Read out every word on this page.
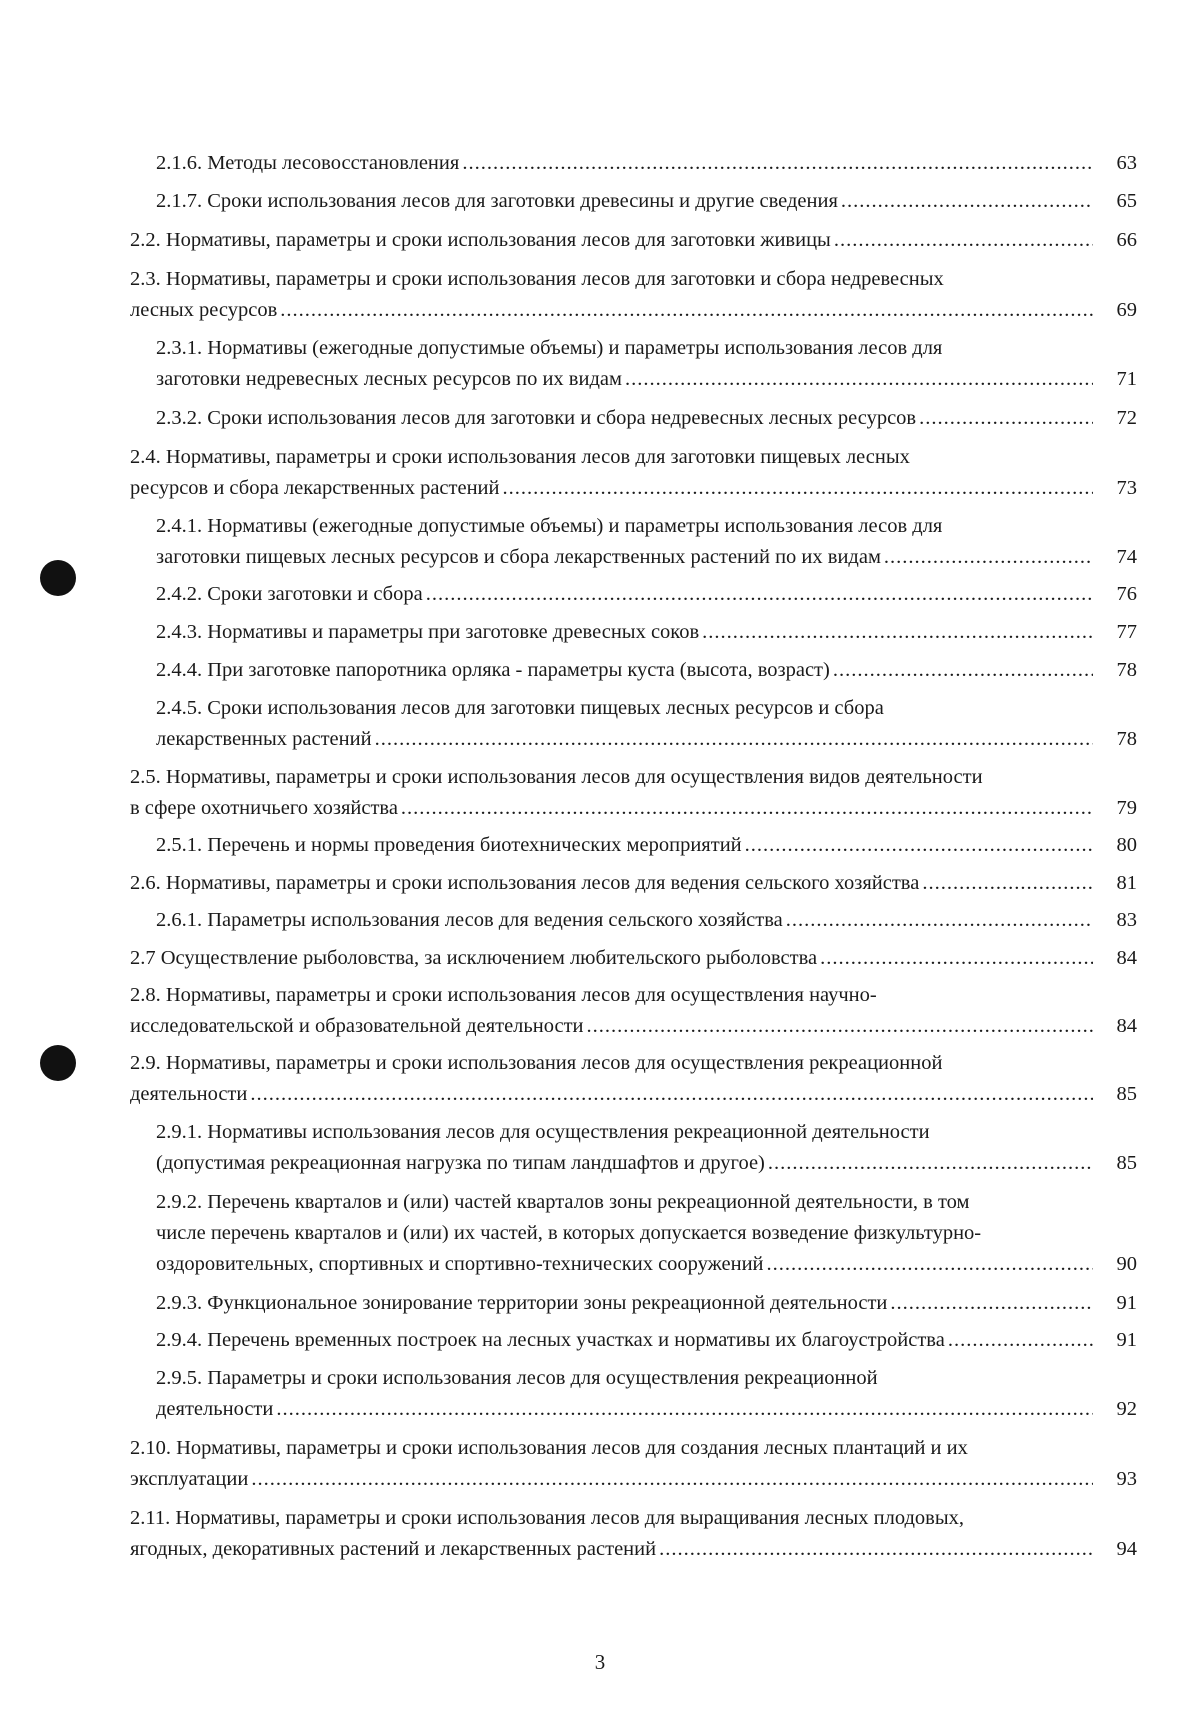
2.1.6. Методы лесовосстановления .....	63
2.1.7. Сроки использования лесов для заготовки древесины и другие сведения .....	65
2.2. Нормативы, параметры и сроки использования лесов для заготовки живицы .....	66
2.3. Нормативы, параметры и сроки использования лесов для заготовки и сбора недревесных
лесных ресурсов .....	69
2.3.1. Нормативы (ежегодные допустимые объемы) и параметры использования лесов для
заготовки недревесных лесных ресурсов по их видам .....	71
2.3.2. Сроки использования лесов для заготовки и сбора недревесных лесных ресурсов .....	72
2.4. Нормативы, параметры и сроки использования лесов для заготовки пищевых лесных
ресурсов и сбора лекарственных растений .....	73
2.4.1. Нормативы (ежегодные допустимые объемы) и параметры использования лесов для
заготовки пищевых лесных ресурсов и сбора лекарственных растений по их видам .....	74
2.4.2. Сроки заготовки и сбора .....	76
2.4.3. Нормативы и параметры при заготовке древесных соков .....	77
2.4.4. При заготовке папоротника орляка - параметры куста (высота, возраст) .....	78
2.4.5. Сроки использования лесов для заготовки пищевых лесных ресурсов и сбора
лекарственных растений .....	78
2.5. Нормативы, параметры и сроки использования лесов для осуществления видов деятельности
в сфере охотничьего хозяйства .....	79
2.5.1. Перечень и нормы проведения биотехнических мероприятий .....	80
2.6. Нормативы, параметры и сроки использования лесов для ведения сельского хозяйства .....	81
2.6.1. Параметры использования лесов для ведения сельского хозяйства .....	83
2.7 Осуществление рыболовства, за исключением любительского рыболовства .....	84
2.8. Нормативы, параметры и сроки использования лесов для осуществления научно-
исследовательской и образовательной деятельности .....	84
2.9. Нормативы, параметры и сроки использования лесов для осуществления рекреационной
деятельности .....	85
2.9.1. Нормативы использования лесов для осуществления рекреационной деятельности
(допустимая рекреационная нагрузка по типам ландшафтов и другое) .....	85
2.9.2. Перечень кварталов и (или) частей кварталов зоны рекреационной деятельности, в том
числе перечень кварталов и (или) их частей, в которых допускается возведение физкультурно-
оздоровительных, спортивных и спортивно-технических сооружений .....	90
2.9.3. Функциональное зонирование территории зоны рекреационной деятельности .....	91
2.9.4. Перечень временных построек на лесных участках и нормативы их благоустройства .....	91
2.9.5. Параметры и сроки использования лесов для осуществления рекреационной
деятельности .....	92
2.10. Нормативы, параметры и сроки использования лесов для создания лесных плантаций и их
эксплуатации .....	93
2.11. Нормативы, параметры и сроки использования лесов для выращивания лесных плодовых,
ягодных, декоративных растений и лекарственных растений .....	94
3
